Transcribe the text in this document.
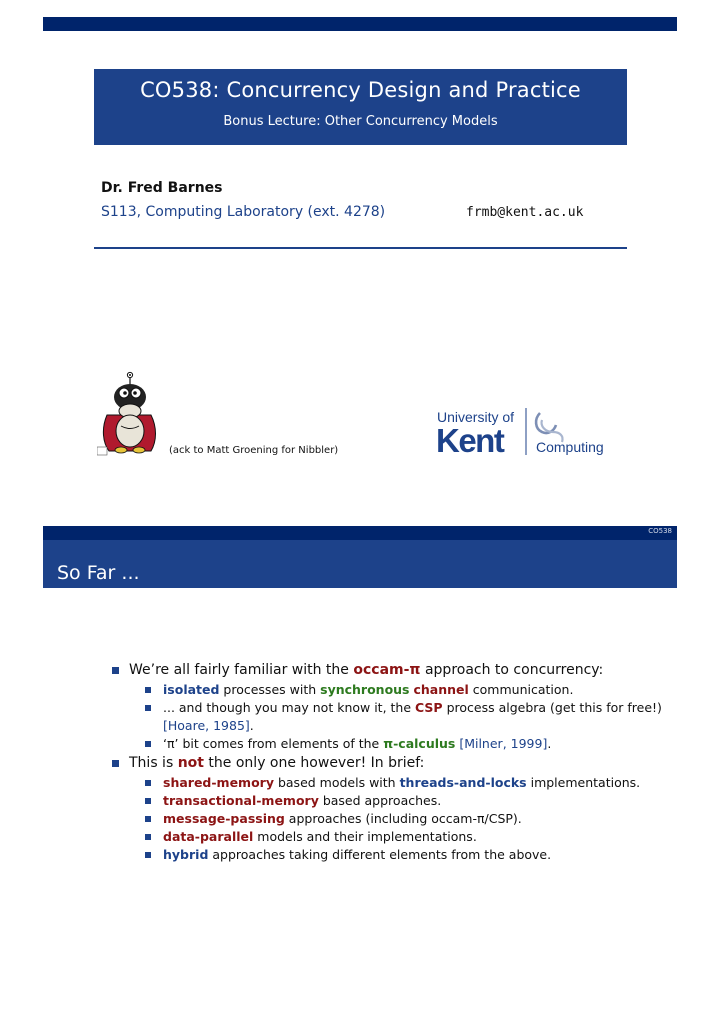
CO538: Concurrency Design and Practice
Bonus Lecture: Other Concurrency Models
Dr. Fred Barnes
S113, Computing Laboratory (ext. 4278)	frmb@kent.ac.uk
(ack to Matt Groening for Nibbler)
University of
Kent Computing
CO538
So Far ...
We’re all fairly familiar with the occam-π approach to concurrency:
isolated processes with synchronous channel communication.
... and though you may not know it, the CSP process algebra (get this for free!) [Hoare, 1985].
‘π’ bit comes from elements of the π-calculus [Milner, 1999].
This is not the only one however! In brief:
shared-memory based models with threads-and-locks implementations.
transactional-memory based approaches.
message-passing approaches (including occam-π/CSP).
data-parallel models and their implementations.
hybrid approaches taking different elements from the above.
